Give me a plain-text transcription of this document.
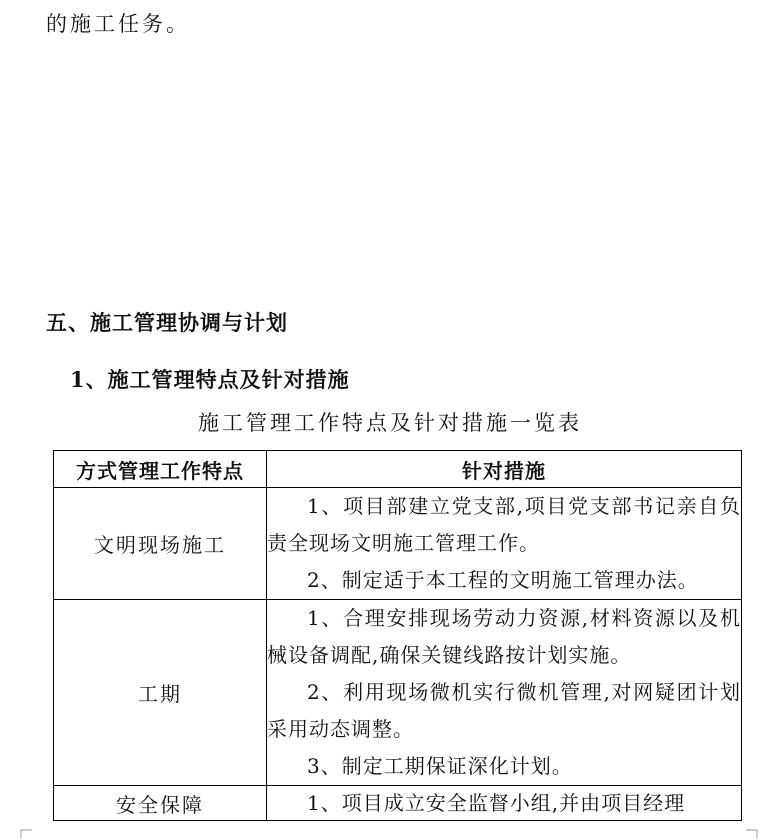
的施工任务。
五、施工管理协调与计划
1、施工管理特点及针对措施
施工管理工作特点及针对措施一览表
方式管理工作特点	针对措施
文明现场施工	1、项目部建立党支部,项目党支部书记亲自负责全现场文明施工管理工作。
2、制定适于本工程的文明施工管理办法。

工期	1、合理安排现场劳动力资源,材料资源以及机械设备调配,确保关键线路按计划实施。
2、利用现场微机实行微机管理,对网疑团计划采用动态调整。
3、制定工期保证深化计划。

安全保障	1、项目成立安全监督小组,并由项目经理
